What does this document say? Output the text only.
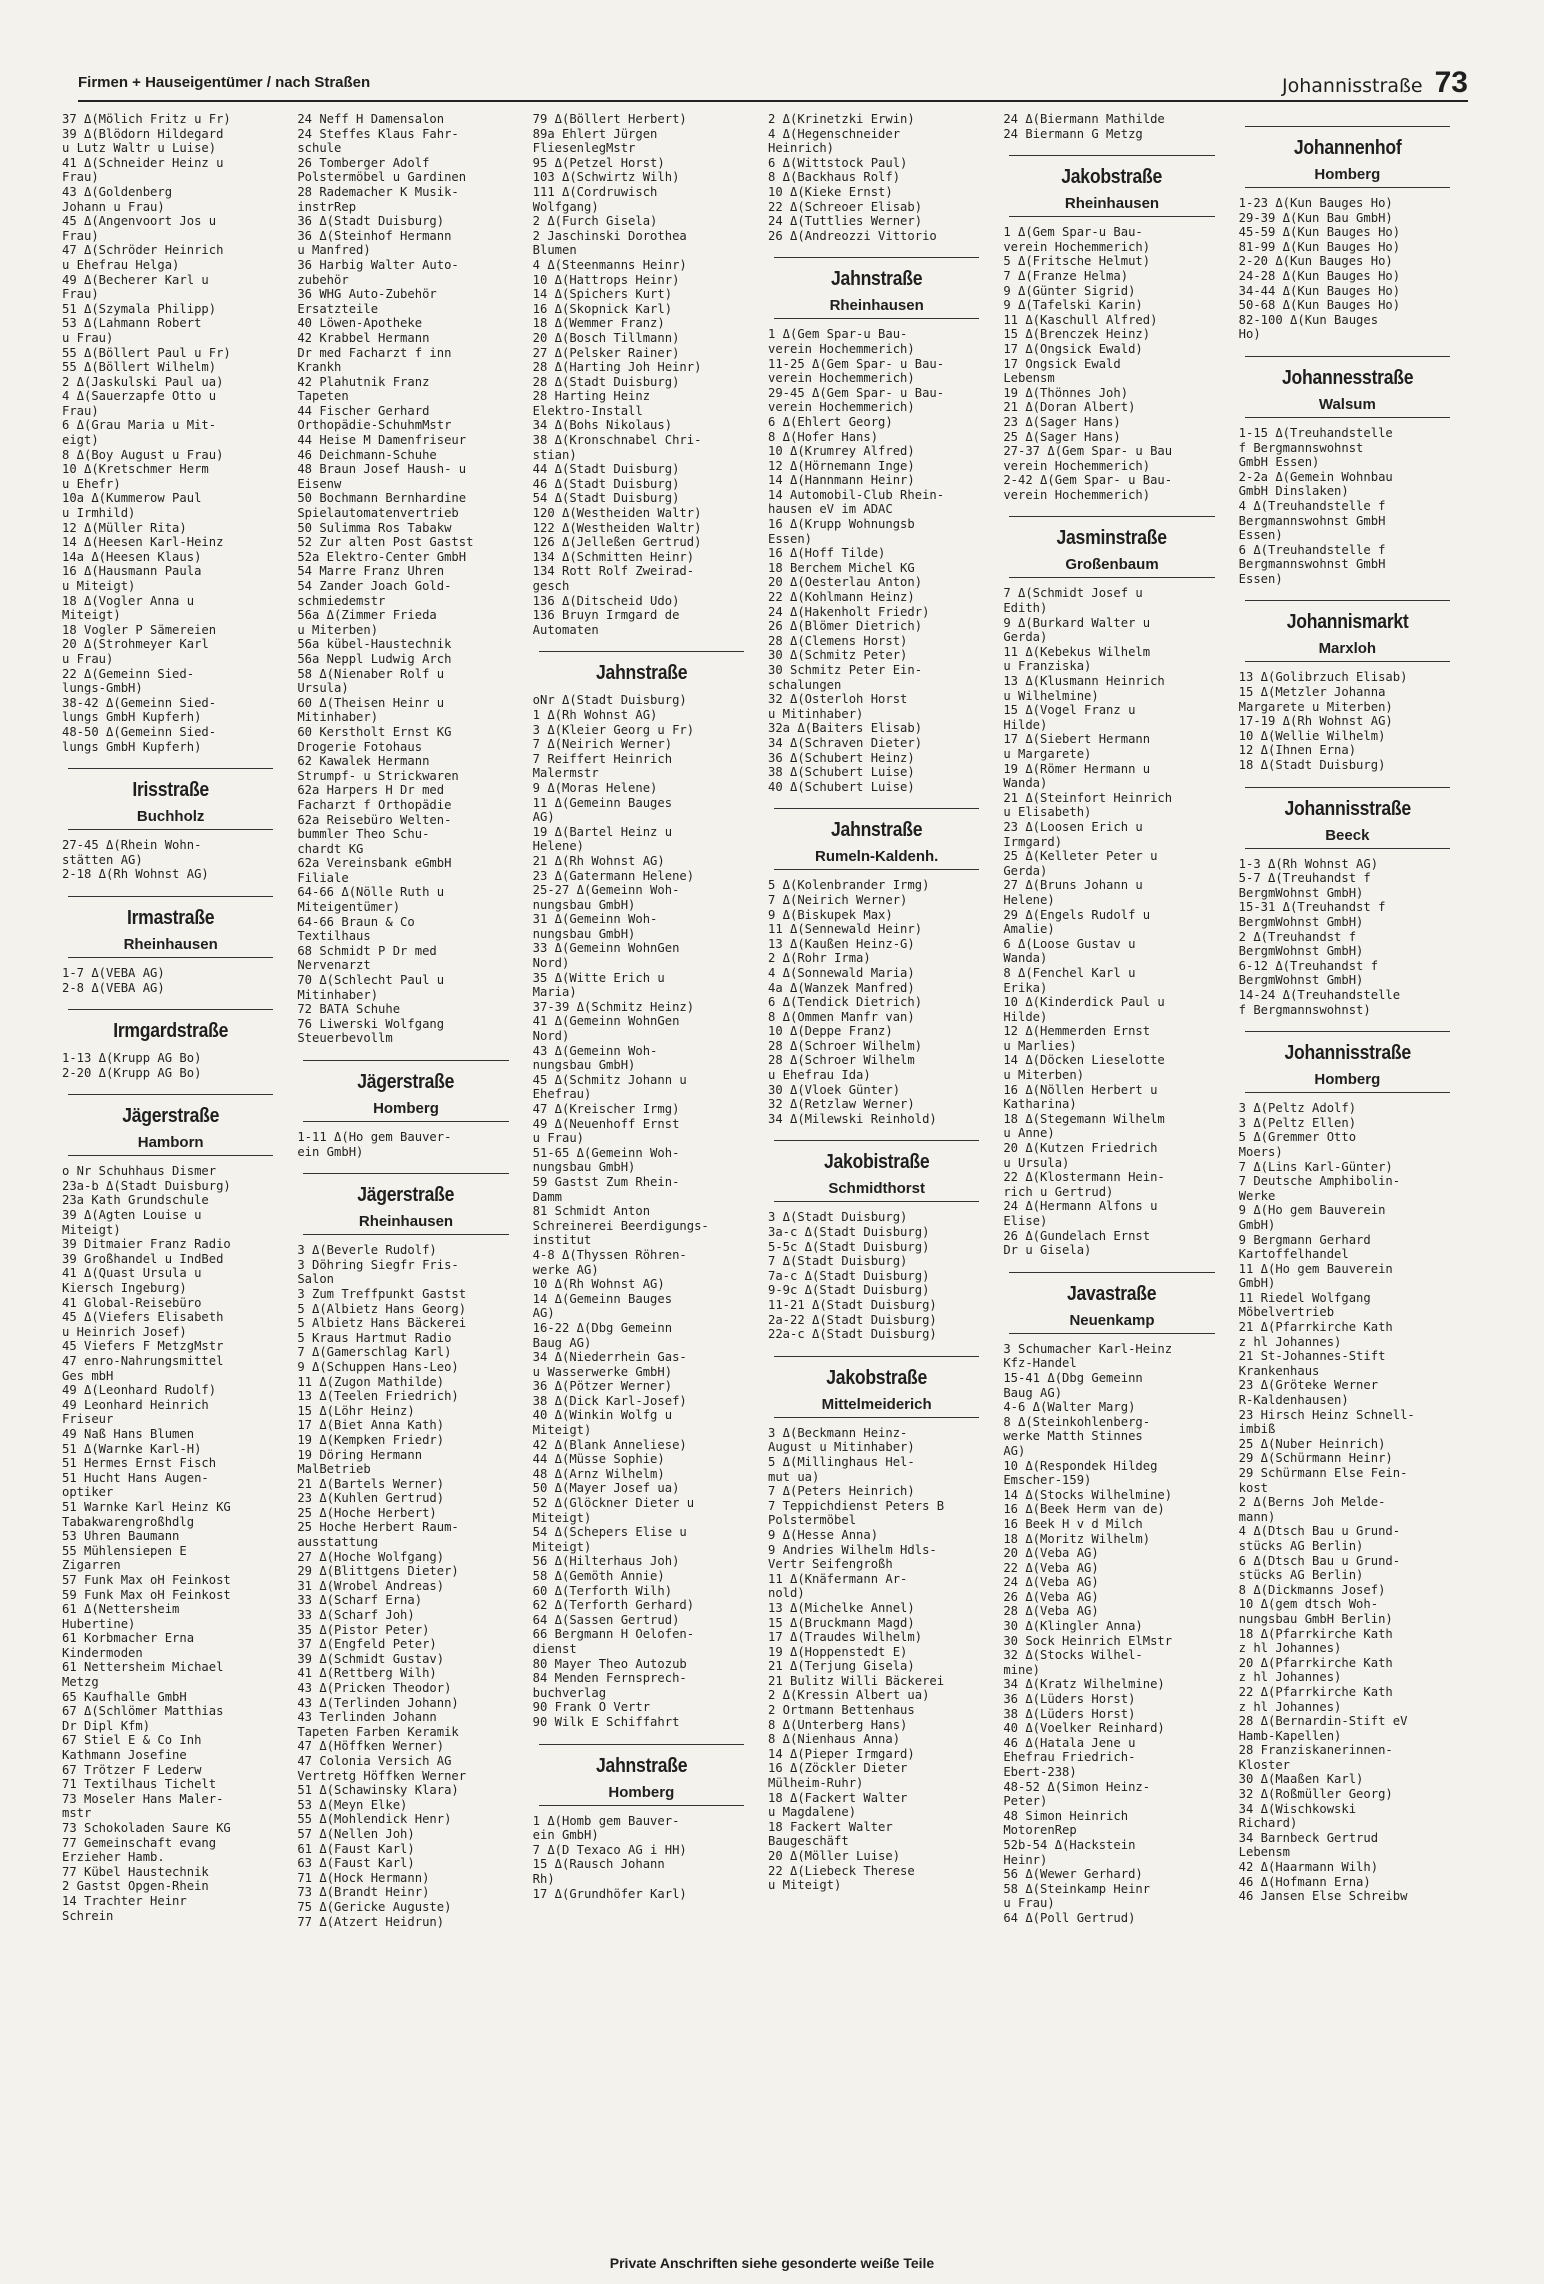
Firmen + Hauseigentümer / nach Straßen	Johannisstraße 73
37 Δ(Mölich Fritz u Fr)
39 Δ(Blödorn Hildegard
u Lutz Waltr u Luise)
41 Δ(Schneider Heinz u
Frau)
43 Δ(Goldenberg
Johann u Frau)
45 Δ(Angenvoort Jos u
Frau)
47 Δ(Schröder Heinrich
u Ehefrau Helga)
49 Δ(Becherer Karl u
Frau)
51 Δ(Szymala Philipp)
53 Δ(Lahmann Robert
u Frau)
55 Δ(Böllert Paul u Fr)
55 Δ(Böllert Wilhelm)
2 Δ(Jaskulski Paul ua)
4 Δ(Sauerzapfe Otto u
Frau)
6 Δ(Grau Maria u Mit-
eigt)
8 Δ(Boy August u Frau)
10 Δ(Kretschmer Herm
u Ehefr)
10a Δ(Kummerow Paul
u Irmhild)
12 Δ(Müller Rita)
14 Δ(Heesen Karl-Heinz
14a Δ(Heesen Klaus)
16 Δ(Hausmann Paula
u Miteigt)
18 Δ(Vogler Anna u
Miteigt)
18 Vogler P Sämereien
20 Δ(Strohmeyer Karl
u Frau)
22 Δ(Gemeinn Sied-
lungs-GmbH)
38-42 Δ(Gemeinn Sied-
lungs GmbH Kupferh)
48-50 Δ(Gemeinn Sied-
lungs GmbH Kupferh)
Irisstraße
Buchholz
27-45 Δ(Rhein Wohn-
stätten AG)
2-18 Δ(Rh Wohnst AG)
Irmastraße
Rheinhausen
1-7 Δ(VEBA AG)
2-8 Δ(VEBA AG)
Irmgardstraße
1-13 Δ(Krupp AG Bo)
2-20 Δ(Krupp AG Bo)
Jägerstraße
Hamborn
o Nr Schuhhaus Dismer
23a-b Δ(Stadt Duisburg)
23a Kath Grundschule
39 Δ(Agten Louise u
Miteigt)
39 Ditmaier Franz Radio
39 Großhandel u IndBed
41 Δ(Quast Ursula u
Kiersch Ingeburg)
41 Global-Reisebüro
45 Δ(Viefers Elisabeth
u Heinrich Josef)
45 Viefers F MetzgMstr
47 enro-Nahrungsmittel
Ges mbH
49 Δ(Leonhard Rudolf)
49 Leonhard Heinrich
Friseur
49 Naß Hans Blumen
51 Δ(Warnke Karl-H)
51 Hermes Ernst Fisch
51 Hucht Hans Augen-
optiker
51 Warnke Karl Heinz KG
Tabakwarengroßhdlg
53 Uhren Baumann
55 Mühlensiepen E
Zigarren
57 Funk Max oH Feinkost
59 Funk Max oH Feinkost
61 Δ(Nettersheim
Hubertine)
61 Korbmacher Erna
Kindermoden
61 Nettersheim Michael
Metzg
65 Kaufhalle GmbH
67 Δ(Schlömer Matthias
Dr Dipl Kfm)
67 Stiel E & Co Inh
Kathmann Josefine
67 Trötzer F Lederw
71 Textilhaus Tichelt
73 Moseler Hans Maler-
mstr
73 Schokoladen Saure KG
77 Gemeinschaft evang
Erzieher Hamb.
77 Kübel Haustechnik
2 Gastst Opgen-Rhein
14 Trachter Heinr
Schrein
24 Neff H Damensalon
24 Steffes Klaus Fahr-
schule
26 Tomberger Adolf
Polstermöbel u Gardinen
28 Rademacher K Musik-
instrRep
36 Δ(Stadt Duisburg)
36 Δ(Steinhof Hermann
u Manfred)
36 Harbig Walter Auto-
zubehör
36 WHG Auto-Zubehör
Ersatzteile
40 Löwen-Apotheke
42 Krabbel Hermann
Dr med Facharzt f inn
Krankh
42 Plahutnik Franz
Tapeten
44 Fischer Gerhard
Orthopädie-SchuhmMstr
44 Heise M Damenfriseur
46 Deichmann-Schuhe
48 Braun Josef Haush- u
Eisenw
50 Bochmann Bernhardine
Spielautomatenvertrieb
50 Sulimma Ros Tabakw
52 Zur alten Post Gastst
52a Elektro-Center GmbH
54 Marre Franz Uhren
54 Zander Joach Gold-
schmiedemstr
56a Δ(Zimmer Frieda
u Miterben)
56a kübel-Haustechnik
56a Neppl Ludwig Arch
58 Δ(Nienaber Rolf u
Ursula)
60 Δ(Theisen Heinr u
Mitinhaber)
60 Kerstholt Ernst KG
Drogerie Fotohaus
62 Kawalek Hermann
Strumpf- u Strickwaren
62a Harpers H Dr med
Facharzt f Orthopädie
62a Reisebüro Welten-
bummler Theo Schu-
chardt KG
62a Vereinsbank eGmbH
Filiale
64-66 Δ(Nölle Ruth u
Miteigentümer)
64-66 Braun & Co
Textilhaus
68 Schmidt P Dr med
Nervenarzt
70 Δ(Schlecht Paul u
Mitinhaber)
72 BATA Schuhe
76 Liwerski Wolfgang
Steuerbevollm
Jägerstraße
Homberg
1-11 Δ(Ho gem Bauver-
ein GmbH)
Jägerstraße
Rheinhausen
3 Δ(Beverle Rudolf)
3 Döhring Siegfr Fris-
Salon
3 Zum Treffpunkt Gastst
5 Δ(Albietz Hans Georg)
5 Albietz Hans Bäckerei
5 Kraus Hartmut Radio
7 Δ(Gamerschlag Karl)
9 Δ(Schuppen Hans-Leo)
11 Δ(Zugon Mathilde)
13 Δ(Teelen Friedrich)
15 Δ(Löhr Heinz)
17 Δ(Biet Anna Kath)
19 Δ(Kempken Friedr)
19 Döring Hermann
MalBetrieb
21 Δ(Bartels Werner)
23 Δ(Kuhlen Gertrud)
25 Δ(Hoche Herbert)
25 Hoche Herbert Raum-
ausstattung
27 Δ(Hoche Wolfgang)
29 Δ(Blittgens Dieter)
31 Δ(Wrobel Andreas)
33 Δ(Scharf Erna)
33 Δ(Scharf Joh)
35 Δ(Pistor Peter)
37 Δ(Engfeld Peter)
39 Δ(Schmidt Gustav)
41 Δ(Rettberg Wilh)
43 Δ(Pricken Theodor)
43 Δ(Terlinden Johann)
43 Terlinden Johann
Tapeten Farben Keramik
47 Δ(Höffken Werner)
47 Colonia Versich AG
Vertretg Höffken Werner
51 Δ(Schawinsky Klara)
53 Δ(Meyn Elke)
55 Δ(Mohlendick Henr)
57 Δ(Nellen Joh)
61 Δ(Faust Karl)
63 Δ(Faust Karl)
71 Δ(Hock Hermann)
73 Δ(Brandt Heinr)
75 Δ(Gericke Auguste)
77 Δ(Atzert Heidrun)
79 Δ(Böllert Herbert)
89a Ehlert Jürgen
FliesenlegMstr
95 Δ(Petzel Horst)
103 Δ(Schwirtz Wilh)
111 Δ(Cordruwisch
Wolfgang)
2 Δ(Furch Gisela)
2 Jaschinski Dorothea
Blumen
4 Δ(Steenmanns Heinr)
10 Δ(Hattrops Heinr)
14 Δ(Spichers Kurt)
16 Δ(Skopnick Karl)
18 Δ(Wemmer Franz)
20 Δ(Bosch Tillmann)
27 Δ(Pelsker Rainer)
28 Δ(Harting Joh Heinr)
28 Δ(Stadt Duisburg)
28 Harting Heinz
Elektro-Install
34 Δ(Bohs Nikolaus)
38 Δ(Kronschnabel Chri-
stian)
44 Δ(Stadt Duisburg)
46 Δ(Stadt Duisburg)
54 Δ(Stadt Duisburg)
120 Δ(Westheiden Waltr)
122 Δ(Westheiden Waltr)
126 Δ(Jelleßen Gertrud)
134 Δ(Schmitten Heinr)
134 Rott Rolf Zweirad-
gesch
136 Δ(Ditscheid Udo)
136 Bruyn Irmgard de
Automaten
Jahnstraße
oNr Δ(Stadt Duisburg)
1 Δ(Rh Wohnst AG)
3 Δ(Kleier Georg u Fr)
7 Δ(Neirich Werner)
7 Reiffert Heinrich
Malermstr
9 Δ(Moras Helene)
11 Δ(Gemeinn Bauges
AG)
19 Δ(Bartel Heinz u
Helene)
21 Δ(Rh Wohnst AG)
23 Δ(Gatermann Helene)
25-27 Δ(Gemeinn Woh-
nungsbau GmbH)
31 Δ(Gemeinn Woh-
nungsbau GmbH)
33 Δ(Gemeinn WohnGen
Nord)
35 Δ(Witte Erich u
Maria)
37-39 Δ(Schmitz Heinz)
41 Δ(Gemeinn WohnGen
Nord)
43 Δ(Gemeinn Woh-
nungsbau GmbH)
45 Δ(Schmitz Johann u
Ehefrau)
47 Δ(Kreischer Irmg)
49 Δ(Neuenhoff Ernst
u Frau)
51-65 Δ(Gemeinn Woh-
nungsbau GmbH)
59 Gastst Zum Rhein-
Damm
81 Schmidt Anton
Schreinerei Beerdigungs-
institut
4-8 Δ(Thyssen Röhren-
werke AG)
10 Δ(Rh Wohnst AG)
14 Δ(Gemeinn Bauges
AG)
16-22 Δ(Dbg Gemeinn
Baug AG)
34 Δ(Niederrhein Gas-
u Wasserwerke GmbH)
36 Δ(Pötzer Werner)
38 Δ(Dick Karl-Josef)
40 Δ(Winkin Wolfg u
Miteigt)
42 Δ(Blank Anneliese)
44 Δ(Müsse Sophie)
48 Δ(Arnz Wilhelm)
50 Δ(Mayer Josef ua)
52 Δ(Glöckner Dieter u
Miteigt)
54 Δ(Schepers Elise u
Miteigt)
56 Δ(Hilterhaus Joh)
58 Δ(Gemöth Annie)
60 Δ(Terforth Wilh)
62 Δ(Terforth Gerhard)
64 Δ(Sassen Gertrud)
66 Bergmann H Oelofen-
dienst
80 Mayer Theo Autozub
84 Menden Fernsprech-
buchverlag
90 Frank O Vertr
90 Wilk E Schiffahrt
Jahnstraße
Homberg
1 Δ(Homb gem Bauver-
ein GmbH)
7 Δ(D Texaco AG i HH)
15 Δ(Rausch Johann
Rh)
17 Δ(Grundhöfer Karl)
2 Δ(Krinetzki Erwin)
4 Δ(Hegenschneider
Heinrich)
6 Δ(Wittstock Paul)
8 Δ(Backhaus Rolf)
10 Δ(Kieke Ernst)
22 Δ(Schreoer Elisab)
24 Δ(Tuttlies Werner)
26 Δ(Andreozzi Vittorio
Jahnstraße
Rheinhausen
1 Δ(Gem Spar-u Bau-
verein Hochemmerich)
11-25 Δ(Gem Spar- u Bau-
verein Hochemmerich)
29-45 Δ(Gem Spar- u Bau-
verein Hochemmerich)
6 Δ(Ehlert Georg)
8 Δ(Hofer Hans)
10 Δ(Krumrey Alfred)
12 Δ(Hörnemann Inge)
14 Δ(Hannmann Heinr)
14 Automobil-Club Rhein-
hausen eV im ADAC
16 Δ(Krupp Wohnungsb
Essen)
16 Δ(Hoff Tilde)
18 Berchem Michel KG
20 Δ(Oesterlau Anton)
22 Δ(Kohlmann Heinz)
24 Δ(Hakenholt Friedr)
26 Δ(Blömer Dietrich)
28 Δ(Clemens Horst)
30 Δ(Schmitz Peter)
30 Schmitz Peter Ein-
schalungen
32 Δ(Osterloh Horst
u Mitinhaber)
32a Δ(Baiters Elisab)
34 Δ(Schraven Dieter)
36 Δ(Schubert Heinz)
38 Δ(Schubert Luise)
40 Δ(Schubert Luise)
Jahnstraße
Rumeln-Kaldenh.
5 Δ(Kolenbrander Irmg)
7 Δ(Neirich Werner)
9 Δ(Biskupek Max)
11 Δ(Sennewald Heinr)
13 Δ(Kaußen Heinz-G)
2 Δ(Rohr Irma)
4 Δ(Sonnewald Maria)
4a Δ(Wanzek Manfred)
6 Δ(Tendick Dietrich)
8 Δ(Ommen Manfr van)
10 Δ(Deppe Franz)
28 Δ(Schroer Wilhelm)
28 Δ(Schroer Wilhelm
u Ehefrau Ida)
30 Δ(Vloek Günter)
32 Δ(Retzlaw Werner)
34 Δ(Milewski Reinhold)
Jakobistraße
Schmidthorst
3 Δ(Stadt Duisburg)
3a-c Δ(Stadt Duisburg)
5-5c Δ(Stadt Duisburg)
7 Δ(Stadt Duisburg)
7a-c Δ(Stadt Duisburg)
9-9c Δ(Stadt Duisburg)
11-21 Δ(Stadt Duisburg)
2a-22 Δ(Stadt Duisburg)
22a-c Δ(Stadt Duisburg)
Jakobstraße
Mittelmeiderich
3 Δ(Beckmann Heinz-
August u Mitinhaber)
5 Δ(Millinghaus Hel-
mut ua)
7 Δ(Peters Heinrich)
7 Teppichdienst Peters B
Polstermöbel
9 Δ(Hesse Anna)
9 Andries Wilhelm Hdls-
Vertr Seifengroßh
11 Δ(Knäfermann Ar-
nold)
13 Δ(Michelke Annel)
15 Δ(Bruckmann Magd)
17 Δ(Traudes Wilhelm)
19 Δ(Hoppenstedt E)
21 Δ(Terjung Gisela)
21 Bulitz Willi Bäckerei
2 Δ(Kressin Albert ua)
2 Ortmann Bettenhaus
8 Δ(Unterberg Hans)
8 Δ(Nienhaus Anna)
14 Δ(Pieper Irmgard)
16 Δ(Zöckler Dieter
Mülheim-Ruhr)
18 Δ(Fackert Walter
u Magdalene)
18 Fackert Walter
Baugeschäft
20 Δ(Möller Luise)
22 Δ(Liebeck Therese
u Miteigt)
24 Δ(Biermann Mathilde
24 Biermann G Metzg
Jakobstraße
Rheinhausen
1 Δ(Gem Spar-u Bau-
verein Hochemmerich)
5 Δ(Fritsche Helmut)
7 Δ(Franze Helma)
9 Δ(Günter Sigrid)
9 Δ(Tafelski Karin)
11 Δ(Kaschull Alfred)
15 Δ(Brenczek Heinz)
17 Δ(Ongsick Ewald)
17 Ongsick Ewald
Lebensm
19 Δ(Thönnes Joh)
21 Δ(Doran Albert)
23 Δ(Sager Hans)
25 Δ(Sager Hans)
27-37 Δ(Gem Spar- u Bau
verein Hochemmerich)
2-42 Δ(Gem Spar- u Bau-
verein Hochemmerich)
Jasminstraße
Großenbaum
7 Δ(Schmidt Josef u
Edith)
9 Δ(Burkard Walter u
Gerda)
11 Δ(Kebekus Wilhelm
u Franziska)
13 Δ(Klusmann Heinrich
u Wilhelmine)
15 Δ(Vogel Franz u
Hilde)
17 Δ(Siebert Hermann
u Margarete)
19 Δ(Römer Hermann u
Wanda)
21 Δ(Steinfort Heinrich
u Elisabeth)
23 Δ(Loosen Erich u
Irmgard)
25 Δ(Kelleter Peter u
Gerda)
27 Δ(Bruns Johann u
Helene)
29 Δ(Engels Rudolf u
Amalie)
6 Δ(Loose Gustav u
Wanda)
8 Δ(Fenchel Karl u
Erika)
10 Δ(Kinderdick Paul u
Hilde)
12 Δ(Hemmerden Ernst
u Marlies)
14 Δ(Döcken Lieselotte
u Miterben)
16 Δ(Nöllen Herbert u
Katharina)
18 Δ(Stegemann Wilhelm
u Anne)
20 Δ(Kutzen Friedrich
u Ursula)
22 Δ(Klostermann Hein-
rich u Gertrud)
24 Δ(Hermann Alfons u
Elise)
26 Δ(Gundelach Ernst
Dr u Gisela)
Javastraße
Neuenkamp
3 Schumacher Karl-Heinz
Kfz-Handel
15-41 Δ(Dbg Gemeinn
Baug AG)
4-6 Δ(Walter Marg)
8 Δ(Steinkohlenberg-
werke Matth Stinnes
AG)
10 Δ(Respondek Hildeg
Emscher-159)
14 Δ(Stocks Wilhelmine)
16 Δ(Beek Herm van de)
16 Beek H v d Milch
18 Δ(Moritz Wilhelm)
20 Δ(Veba AG)
22 Δ(Veba AG)
24 Δ(Veba AG)
26 Δ(Veba AG)
28 Δ(Veba AG)
30 Δ(Klingler Anna)
30 Sock Heinrich ElMstr
32 Δ(Stocks Wilhel-
mine)
34 Δ(Kratz Wilhelmine)
36 Δ(Lüders Horst)
38 Δ(Lüders Horst)
40 Δ(Voelker Reinhard)
46 Δ(Hatala Jene u
Ehefrau Friedrich-
Ebert-238)
48-52 Δ(Simon Heinz-
Peter)
48 Simon Heinrich
MotorenRep
52b-54 Δ(Hackstein
Heinr)
56 Δ(Wewer Gerhard)
58 Δ(Steinkamp Heinr
u Frau)
64 Δ(Poll Gertrud)
Johannenhof
Homberg
1-23 Δ(Kun Bauges Ho)
29-39 Δ(Kun Bau GmbH)
45-59 Δ(Kun Bauges Ho)
81-99 Δ(Kun Bauges Ho)
2-20 Δ(Kun Bauges Ho)
24-28 Δ(Kun Bauges Ho)
34-44 Δ(Kun Bauges Ho)
50-68 Δ(Kun Bauges Ho)
82-100 Δ(Kun Bauges
Ho)
Johannesstraße
Walsum
1-15 Δ(Treuhandstelle
f Bergmannswohnst
GmbH Essen)
2-2a Δ(Gemein Wohnbau
GmbH Dinslaken)
4 Δ(Treuhandstelle f
Bergmannswohnst GmbH
Essen)
6 Δ(Treuhandstelle f
Bergmannswohnst GmbH
Essen)
Johannismarkt
Marxloh
13 Δ(Golibrzuch Elisab)
15 Δ(Metzler Johanna
Margarete u Miterben)
17-19 Δ(Rh Wohnst AG)
10 Δ(Wellie Wilhelm)
12 Δ(Ihnen Erna)
18 Δ(Stadt Duisburg)
Johannisstraße
Beeck
1-3 Δ(Rh Wohnst AG)
5-7 Δ(Treuhandst f
BergmWohnst GmbH)
15-31 Δ(Treuhandst f
BergmWohnst GmbH)
2 Δ(Treuhandst f
BergmWohnst GmbH)
6-12 Δ(Treuhandst f
BergmWohnst GmbH)
14-24 Δ(Treuhandstelle
f Bergmannswohnst)
Johannisstraße
Homberg
3 Δ(Peltz Adolf)
3 Δ(Peltz Ellen)
5 Δ(Gremmer Otto
Moers)
7 Δ(Lins Karl-Günter)
7 Deutsche Amphibolin-
Werke
9 Δ(Ho gem Bauverein
GmbH)
9 Bergmann Gerhard
Kartoffelhandel
11 Δ(Ho gem Bauverein
GmbH)
11 Riedel Wolfgang
Möbelvertrieb
21 Δ(Pfarrkirche Kath
z hl Johannes)
21 St-Johannes-Stift
Krankenhaus
23 Δ(Gröteke Werner
R-Kaldenhausen)
23 Hirsch Heinz Schnell-
imbiß
25 Δ(Nuber Heinrich)
29 Δ(Schürmann Heinr)
29 Schürmann Else Fein-
kost
2 Δ(Berns Joh Melde-
mann)
4 Δ(Dtsch Bau u Grund-
stücks AG Berlin)
6 Δ(Dtsch Bau u Grund-
stücks AG Berlin)
8 Δ(Dickmanns Josef)
10 Δ(gem dtsch Woh-
nungsbau GmbH Berlin)
18 Δ(Pfarrkirche Kath
z hl Johannes)
20 Δ(Pfarrkirche Kath
z hl Johannes)
22 Δ(Pfarrkirche Kath
z hl Johannes)
28 Δ(Bernardin-Stift eV
Hamb-Kapellen)
28 Franziskanerinnen-
Kloster
30 Δ(Maaßen Karl)
32 Δ(Roßmüller Georg)
34 Δ(Wischkowski
Richard)
34 Barnbeck Gertrud
Lebensm
42 Δ(Haarmann Wilh)
46 Δ(Hofmann Erna)
46 Jansen Else Schreibw
Private Anschriften siehe gesonderte weiße Teile
